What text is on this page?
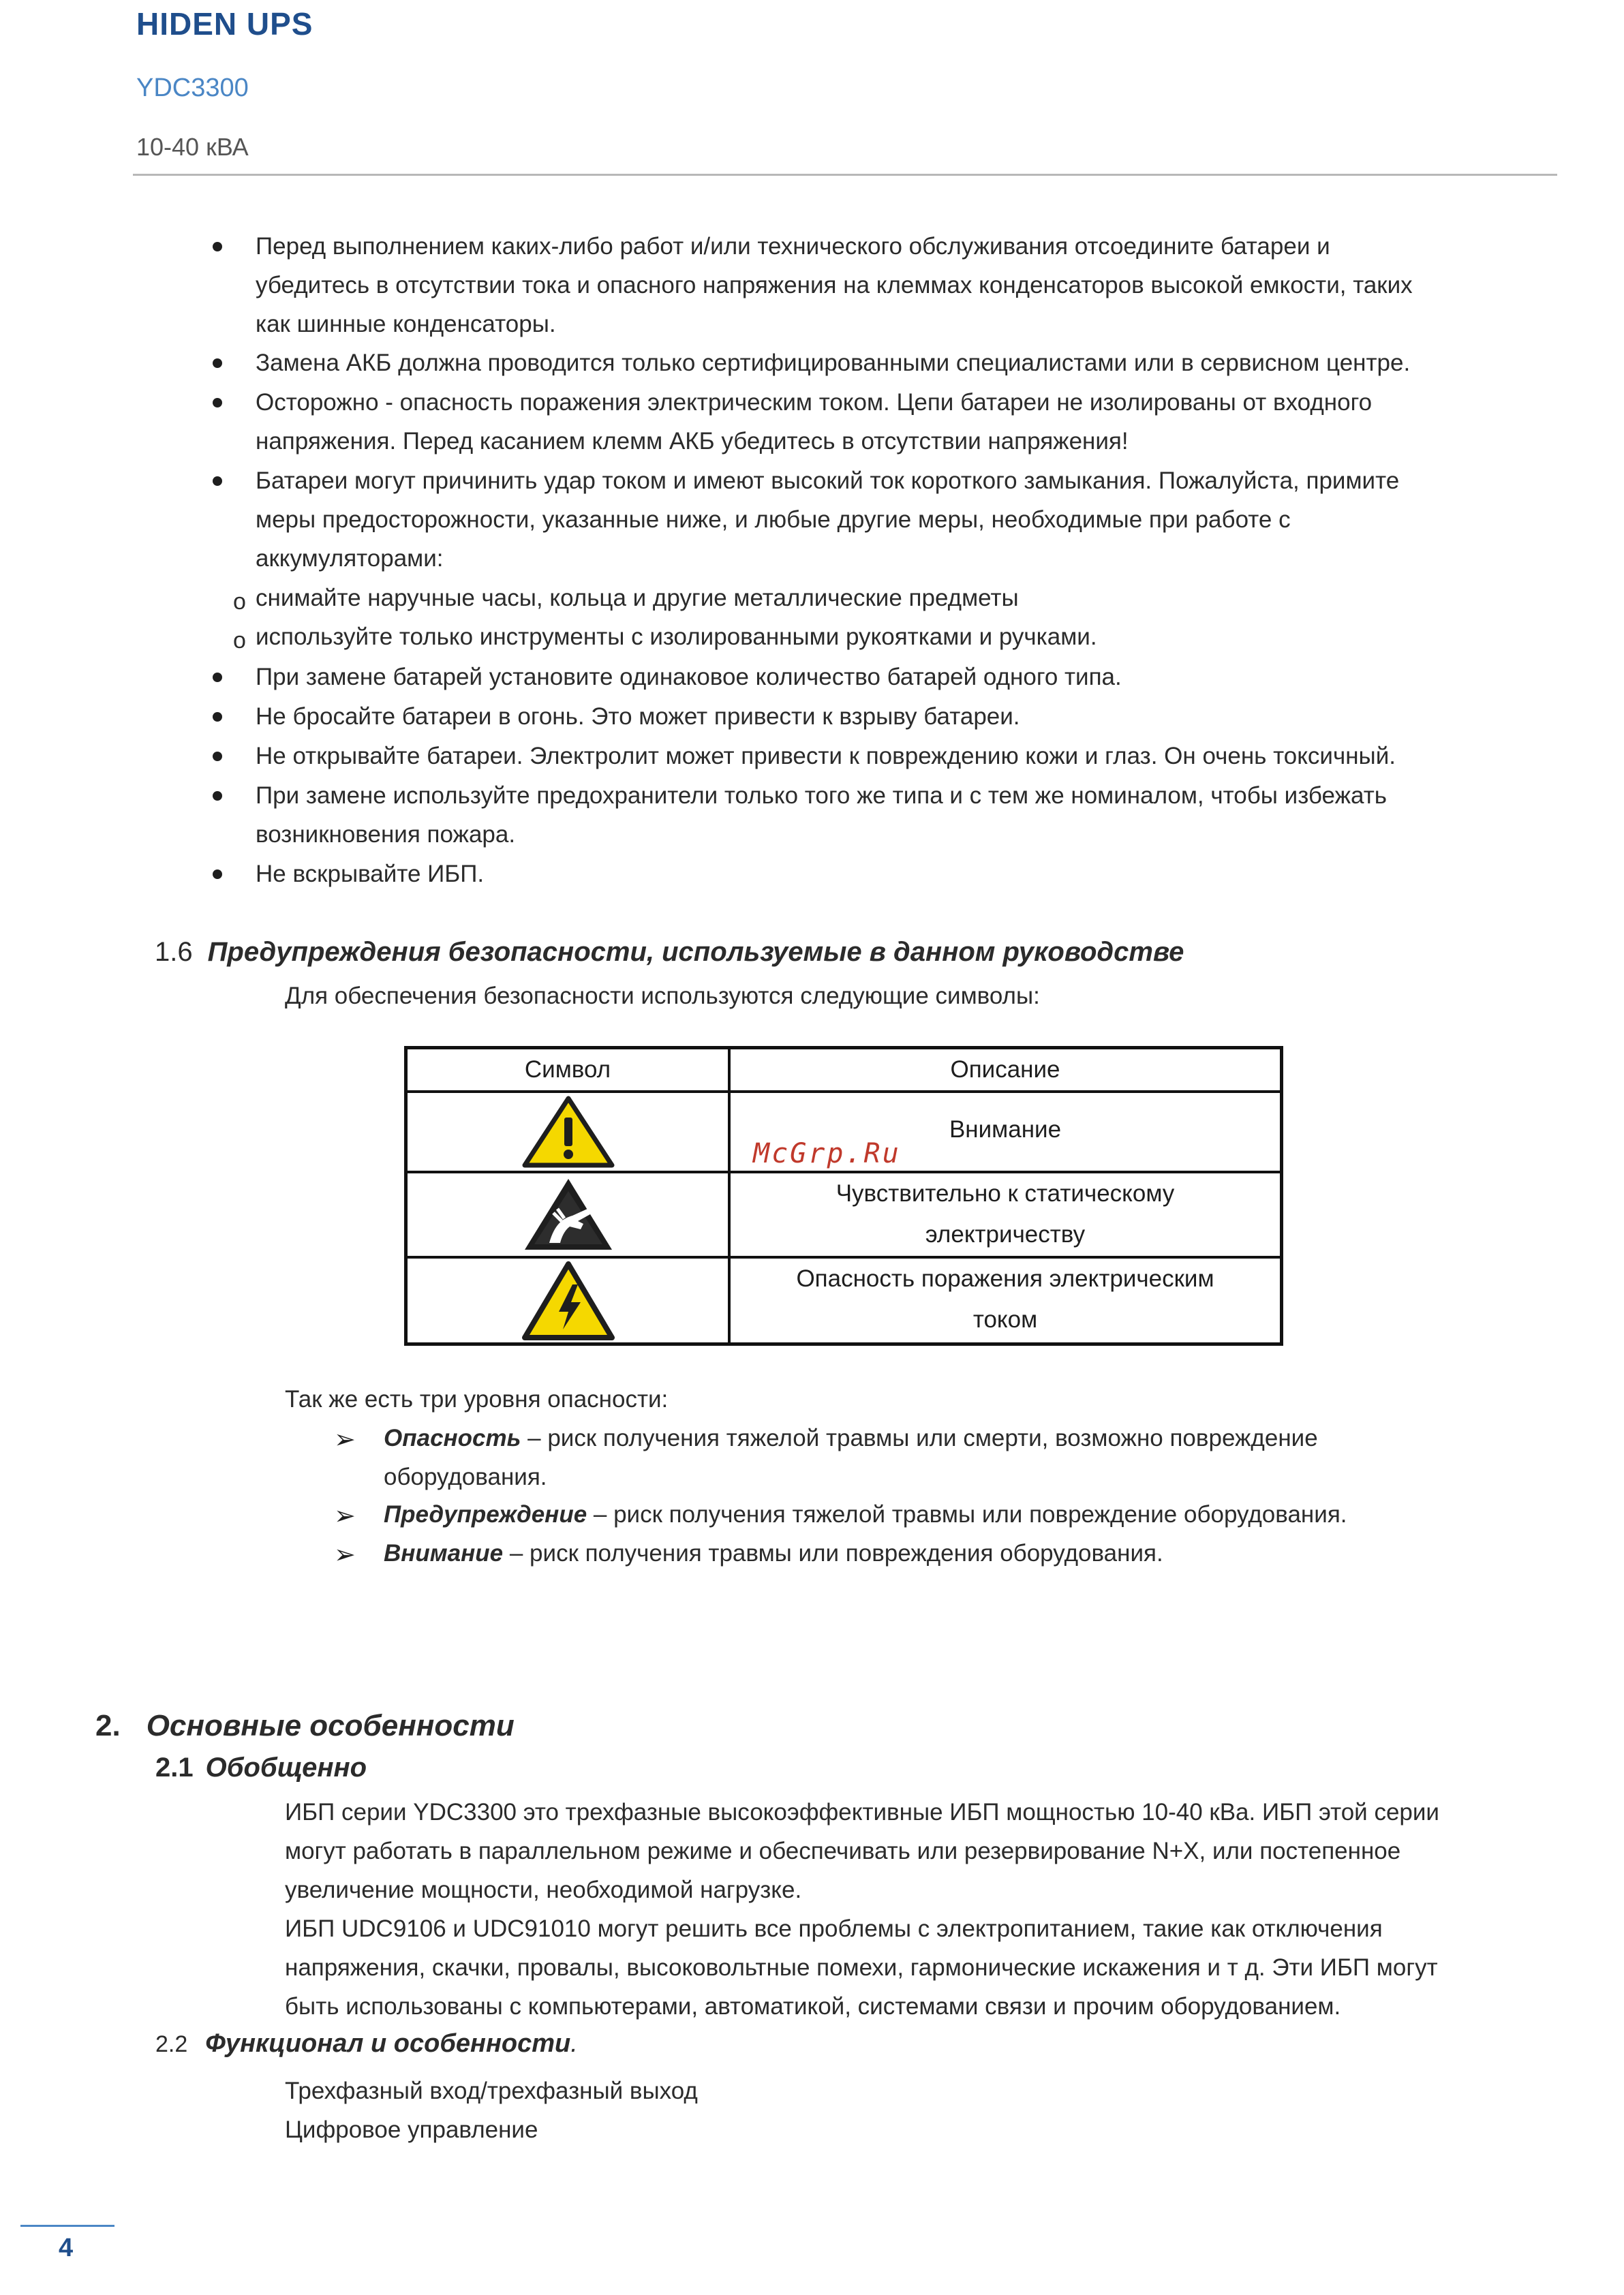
HIDEN UPS
YDC3300
10-40 кВА
Перед выполнением каких-либо работ и/или технического обслуживания отсоедините батареи и
убедитесь в отсутствии тока и опасного напряжения на клеммах конденсаторов высокой емкости, таких
как шинные конденсаторы.
Замена АКБ должна проводится только сертифицированными специалистами или в сервисном центре.
Осторожно - опасность поражения электрическим током. Цепи батареи не изолированы от входного
напряжения. Перед касанием клемм АКБ убедитесь в отсутствии напряжения!
Батареи могут причинить удар током и имеют высокий ток короткого замыкания. Пожалуйста, примите
меры предосторожности, указанные ниже, и любые другие меры, необходимые при работе с
аккумуляторами:
o снимайте наручные часы, кольца и другие металлические предметы
o используйте только инструменты с изолированными рукоятками и ручками.
При замене батарей установите одинаковое количество батарей одного типа.
Не бросайте батареи в огонь. Это может привести к взрыву батареи.
Не открывайте батареи. Электролит может привести к повреждению кожи и глаз. Он очень токсичный.
При замене используйте предохранители только того же типа и с тем же номиналом, чтобы избежать
возникновения пожара.
Не вскрывайте ИБП.
1.6 Предупреждения безопасности, используемые в данном руководстве
Для обеспечения безопасности используются следующие символы:
Символ	Описание
Внимание
Чувствительно к статическому
электричеству
Опасность поражения электрическим
током
McGrp.Ru
Так же есть три уровня опасности:
➢ Опасность – риск получения тяжелой травмы или смерти, возможно повреждение
оборудования.
➢ Предупреждение – риск получения тяжелой травмы или повреждение оборудования.
➢ Внимание – риск получения травмы или повреждения оборудования.
2. Основные особенности
2.1 Обобщенно
ИБП серии YDC3300 это трехфазные высокоэффективные ИБП мощностью 10-40 кВа. ИБП этой серии
могут работать в параллельном режиме и обеспечивать или резервирование N+X, или постепенное
увеличение мощности, необходимой нагрузке.
ИБП UDC9106 и UDC91010 могут решить все проблемы с электропитанием, такие как отключения
напряжения, скачки, провалы, высоковольтные помехи, гармонические искажения и т д. Эти ИБП могут
быть использованы с компьютерами, автоматикой, системами связи и прочим оборудованием.
2.2 Функционал и особенности.
Трехфазный вход/трехфазный выход
Цифровое управление
4
